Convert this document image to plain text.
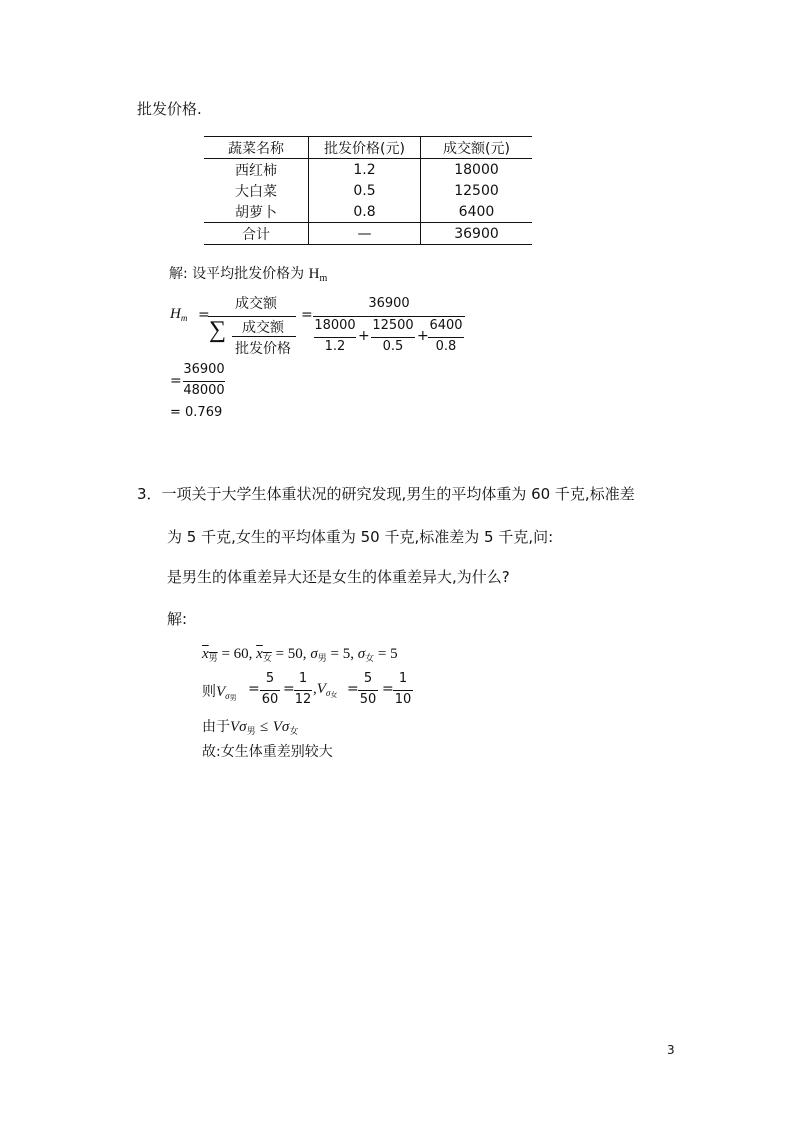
批发价格.
蔬菜名称	批发价格(元)	成交额(元)
西红柿	1.2	18000
大白菜	0.5	12500
胡萝卜	0.8	6400
合计	—	36900
解: 设平均批发价格为 $H_m$
$H_m$ =
成交额
∑	成交额
批发价格
=
36900
18000
1.2
+
12500
0.5
+
6400
0.8
=
36900
48000
= 0.769
3．一项关于大学生体重状况的研究发现,男生的平均体重为 60 千克,标准差
为 5 千克,女生的平均体重为 50 千克,标准差为 5 千克,问:
是男生的体重差异大还是女生的体重差异大,为什么?
解:
$x_男 = 60$, $x_女 = 50$, $\sigma_男 = 5$, $\sigma_女 = 5$
则$V_{\sigma 男}$
=
5
60
=
1
12
$,V_{\sigma 女}$ =
5
50
=
1
10
由于$V\sigma_男 \le V\sigma_女$
故:女生体重差别较大
3
